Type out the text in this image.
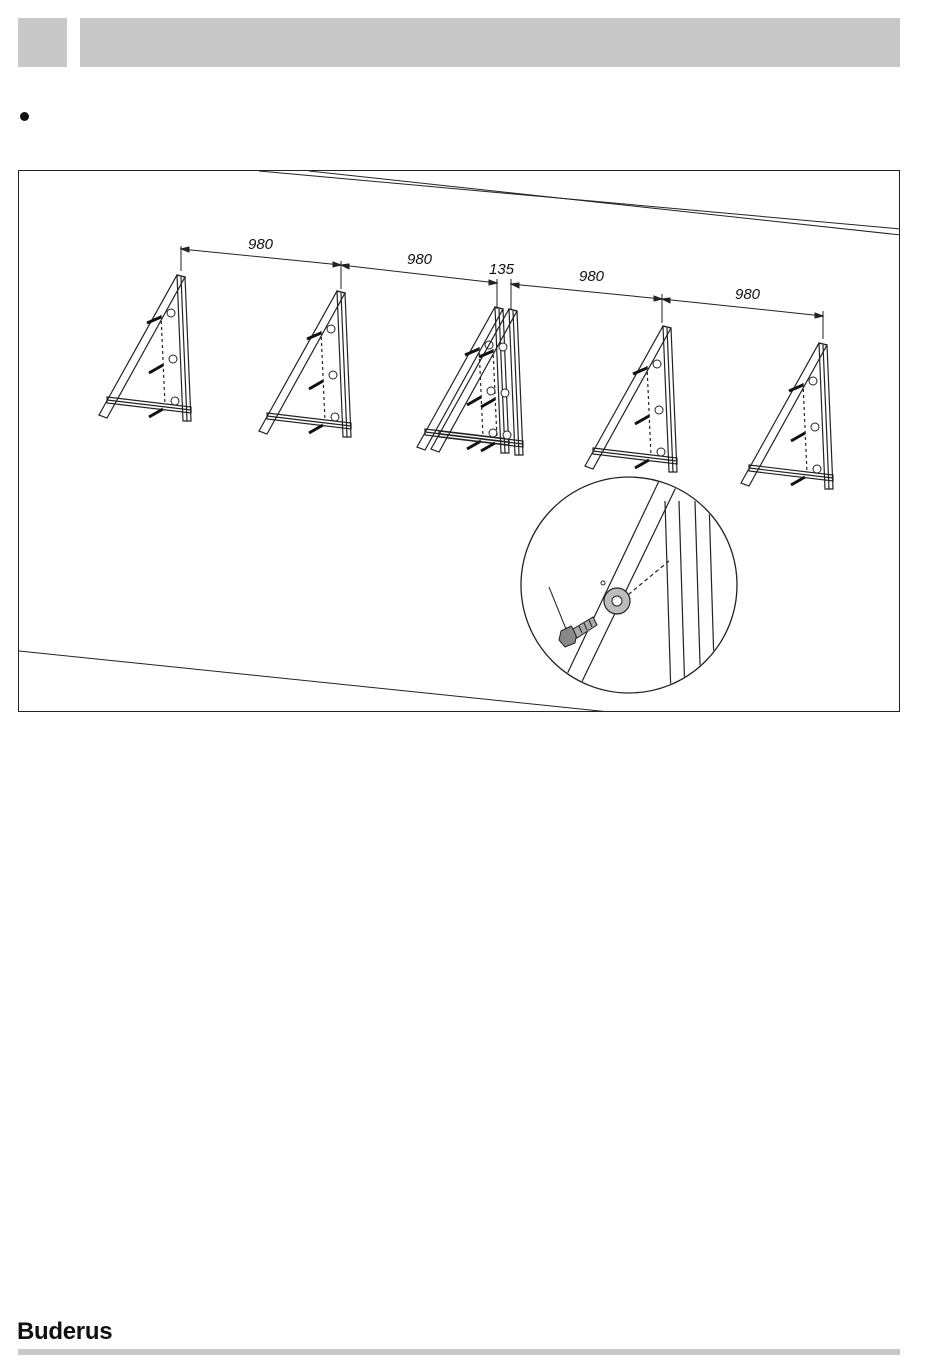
980
980
135	980
980
Buderus
